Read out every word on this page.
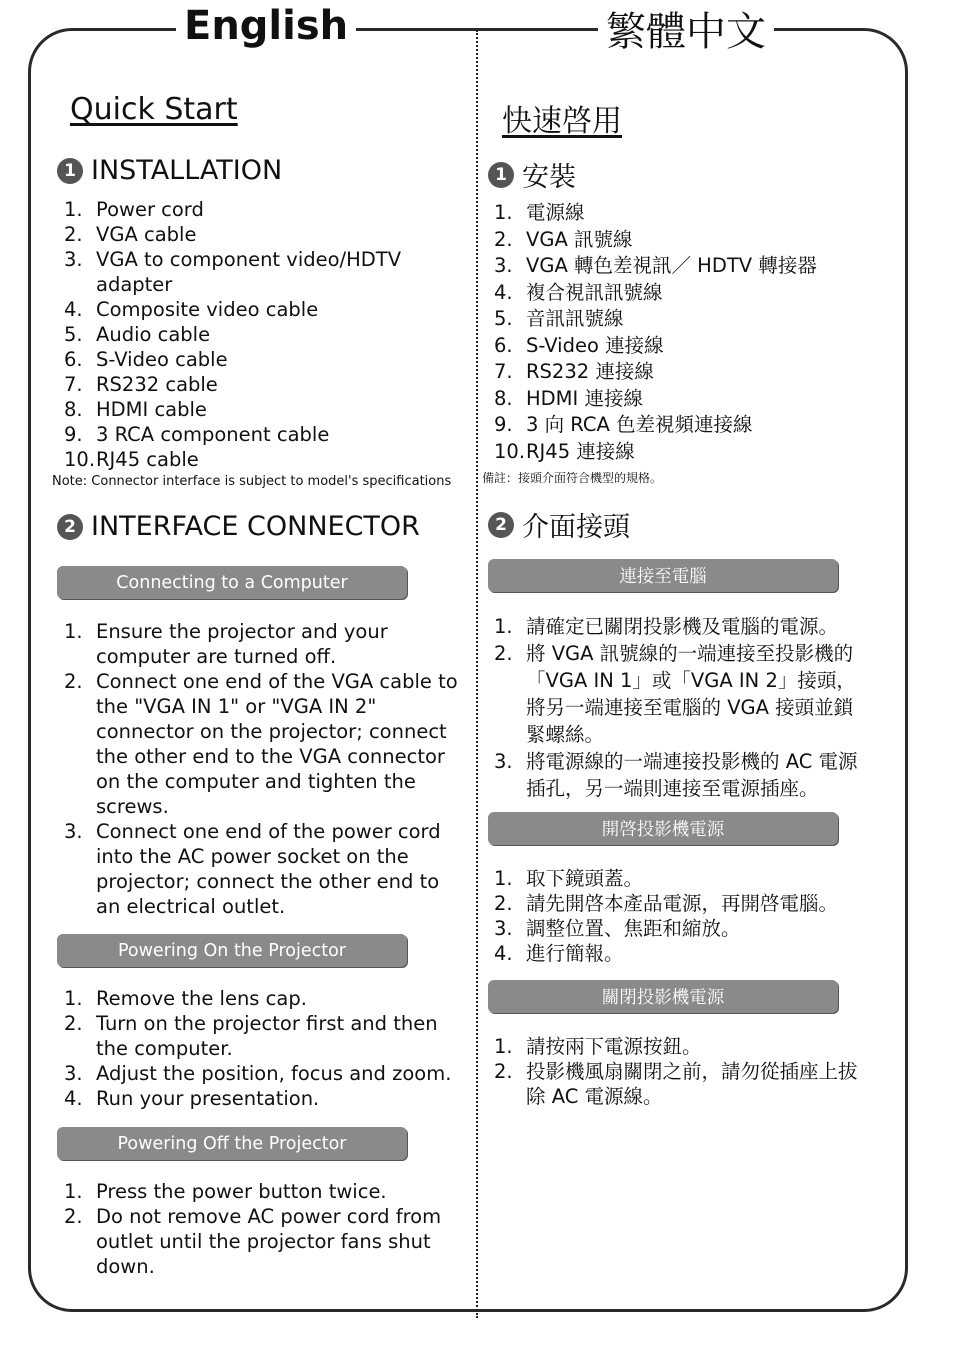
English	繁體中文
Quick Start
1 INSTALLATION
1. Power cord
2. VGA cable
3. VGA to component video/HDTV adapter
4. Composite video cable
5. Audio cable
6. S-Video cable
7. RS232 cable
8. HDMI cable
9. 3 RCA component cable
10. RJ45 cable
Note: Connector interface is subject to model's specifications
2 INTERFACE CONNECTOR
Connecting to a Computer
1. Ensure the projector and your computer are turned off.
2. Connect one end of the VGA cable to the "VGA IN 1" or "VGA IN 2" connector on the projector; connect the other end to the VGA connector on the computer and tighten the screws.
3. Connect one end of the power cord into the AC power socket on the projector; connect the other end to an electrical outlet.
Powering On the Projector
1. Remove the lens cap.
2. Turn on the projector first and then the computer.
3. Adjust the position, focus and zoom.
4. Run your presentation.
Powering Off the Projector
1. Press the power button twice.
2. Do not remove AC power cord from outlet until the projector fans shut down.
快速啓用
1 安裝
1. 電源線
2. VGA 訊號線
3. VGA 轉色差視訊／ HDTV 轉接器
4. 複合視訊訊號線
5. 音訊訊號線
6. S-Video 連接線
7. RS232 連接線
8. HDMI 連接線
9. 3 向 RCA 色差視頻連接線
10. RJ45 連接線
備註：接頭介面符合機型的規格。
2 介面接頭
連接至電腦
1. 請確定已關閉投影機及電腦的電源。
2. 將 VGA 訊號線的一端連接至投影機的「VGA IN 1」或「VGA IN 2」接頭，將另一端連接至電腦的 VGA 接頭並鎖緊螺絲。
3. 將電源線的一端連接投影機的 AC 電源插孔，另一端則連接至電源插座。
開啓投影機電源
1. 取下鏡頭蓋。
2. 請先開啓本產品電源，再開啓電腦。
3. 調整位置、焦距和縮放。
4. 進行簡報。
關閉投影機電源
1. 請按兩下電源按鈕。
2. 投影機風扇關閉之前，請勿從插座上拔除 AC 電源線。
